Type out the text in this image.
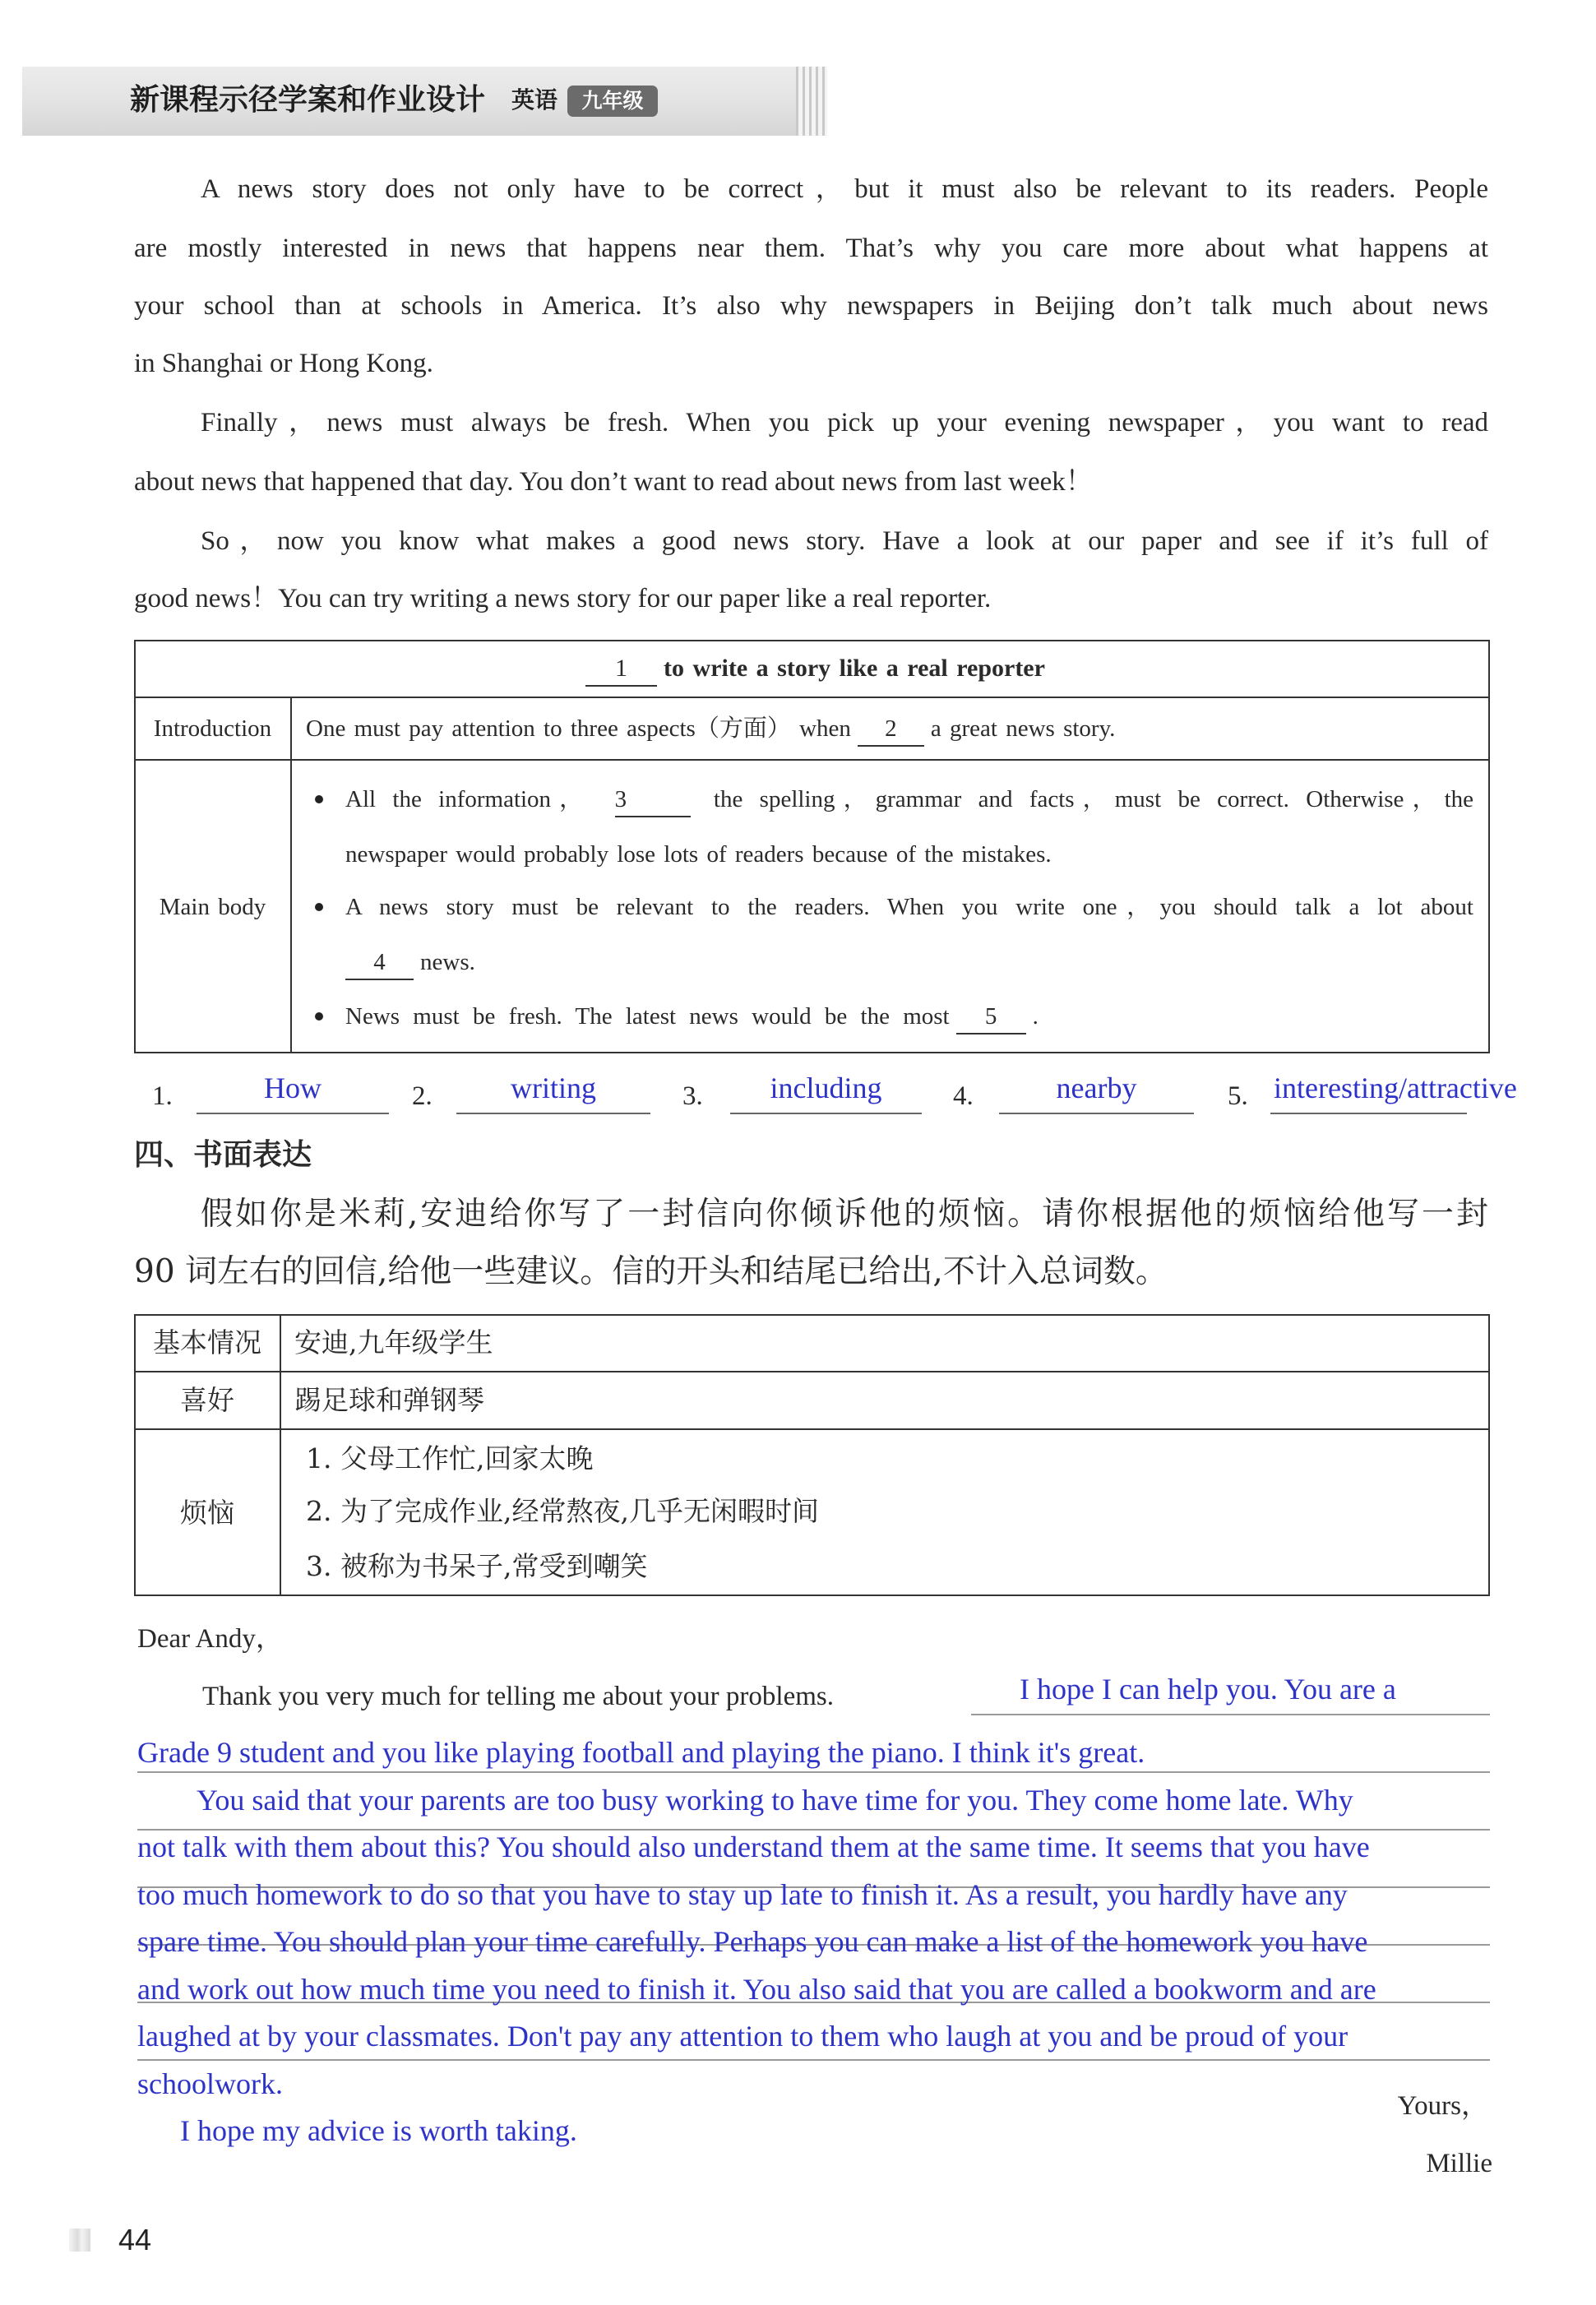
新课程示径学案和作业设计 英语	九年级
A news story does not only have to be correct，but it must also be relevant to its readers. People
are mostly interested in news that happens near them. That’s why you care more about what happens at
your school than at schools in America. It’s also why newspapers in Beijing don’t talk much about news
in Shanghai or Hong Kong.
Finally，news must always be fresh. When you pick up your evening newspaper，you want to read
about news that happened that day. You don’t want to read about news from last week！
So，now you know what makes a good news story. Have a look at our paper and see if it’s full of
good news！You can try writing a news story for our paper like a real reporter.
1 to write a story like a real reporter
Introduction	One must pay attention to three aspects（方面） when 2 a great news story.
Main body
All the information， 3	the spelling，grammar and facts，must be correct. Otherwise，the
newspaper would probably lose lots of readers because of the mistakes.
A news story must be relevant to the readers. When you write one，you should talk a lot about
4 news.
News must be fresh. The latest news would be the most 5 .
1.	How	2.	writing	3.	including	4.	nearby	5. interesting/attractive
四、书面表达
假如你是米莉,安迪给你写了一封信向你倾诉他的烦恼。请你根据他的烦恼给他写一封
90 词左右的回信,给他一些建议。信的开头和结尾已给出,不计入总词数。
基本情况	安迪,九年级学生
喜好	踢足球和弹钢琴
烦恼
1. 父母工作忙,回家太晚
2. 为了完成作业,经常熬夜,几乎无闲暇时间
3. 被称为书呆子,常受到嘲笑
Dear Andy，
Thank you very much for telling me about your problems.	I hope I can help you. You are a
Grade 9 student and you like playing football and playing the piano. I think it's great.
You said that your parents are too busy working to have time for you. They come home late. Why
not talk with them about this? You should also understand them at the same time. It seems that you have
too much homework to do so that you have to stay up late to finish it. As a result, you hardly have any
spare time. You should plan your time carefully. Perhaps you can make a list of the homework you have
and work out how much time you need to finish it. You also said that you are called a bookworm and are
laughed at by your classmates. Don't pay any attention to them who laugh at you and be proud of your
schoolwork.
I hope my advice is worth taking.
Yours，
Millie
44
